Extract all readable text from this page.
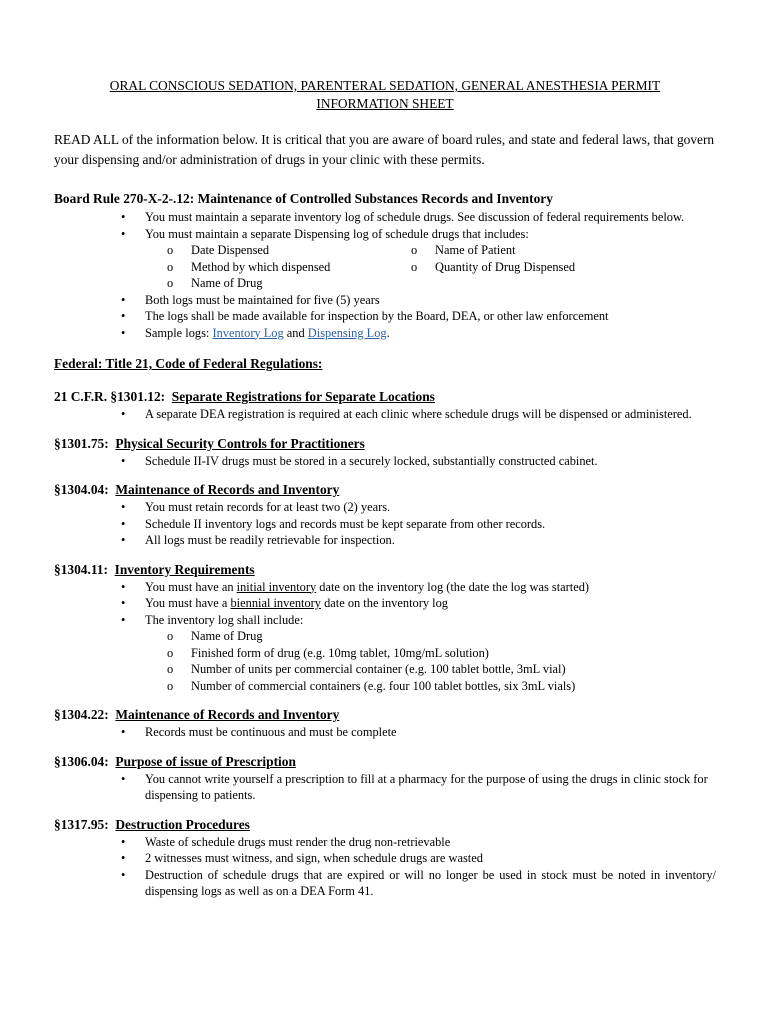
ORAL CONSCIOUS SEDATION, PARENTERAL SEDATION, GENERAL ANESTHESIA PERMIT
INFORMATION SHEET

READ ALL of the information below. It is critical that you are aware of board rules, and state and federal laws, that govern your dispensing and/or administration of drugs in your clinic with these permits.

Board Rule 270-X-2-.12: Maintenance of Controlled Substances Records and Inventory

• You must maintain a separate inventory log of schedule drugs. See discussion of federal requirements below.
• You must maintain a separate Dispensing log of schedule drugs that includes:
o Date Dispensed	o Name of Patient
o Method by which dispensed	o Quantity of Drug Dispensed
o Name of Drug
• Both logs must be maintained for five (5) years
• The logs shall be made available for inspection by the Board, DEA, or other law enforcement
• Sample logs: Inventory Log and Dispensing Log.

Federal: Title 21, Code of Federal Regulations:

21 C.F.R. §1301.12: Separate Registrations for Separate Locations

• A separate DEA registration is required at each clinic where schedule drugs will be dispensed or administered.

§1301.75: Physical Security Controls for Practitioners

• Schedule II-IV drugs must be stored in a securely locked, substantially constructed cabinet.

§1304.04: Maintenance of Records and Inventory

• You must retain records for at least two (2) years.
• Schedule II inventory logs and records must be kept separate from other records.
• All logs must be readily retrievable for inspection.

§1304.11: Inventory Requirements

• You must have an initial inventory date on the inventory log (the date the log was started)
• You must have a biennial inventory date on the inventory log
• The inventory log shall include:
o Name of Drug
o Finished form of drug (e.g. 10mg tablet, 10mg/mL solution)
o Number of units per commercial container (e.g. 100 tablet bottle, 3mL vial)
o Number of commercial containers (e.g. four 100 tablet bottles, six 3mL vials)

§1304.22: Maintenance of Records and Inventory

• Records must be continuous and must be complete

§1306.04: Purpose of issue of Prescription

• You cannot write yourself a prescription to fill at a pharmacy for the purpose of using the drugs in clinic stock for dispensing to patients.

§1317.95: Destruction Procedures

• Waste of schedule drugs must render the drug non-retrievable
• 2 witnesses must witness, and sign, when schedule drugs are wasted
• Destruction of schedule drugs that are expired or will no longer be used in stock must be noted in inventory/ dispensing logs as well as on a DEA Form 41.
